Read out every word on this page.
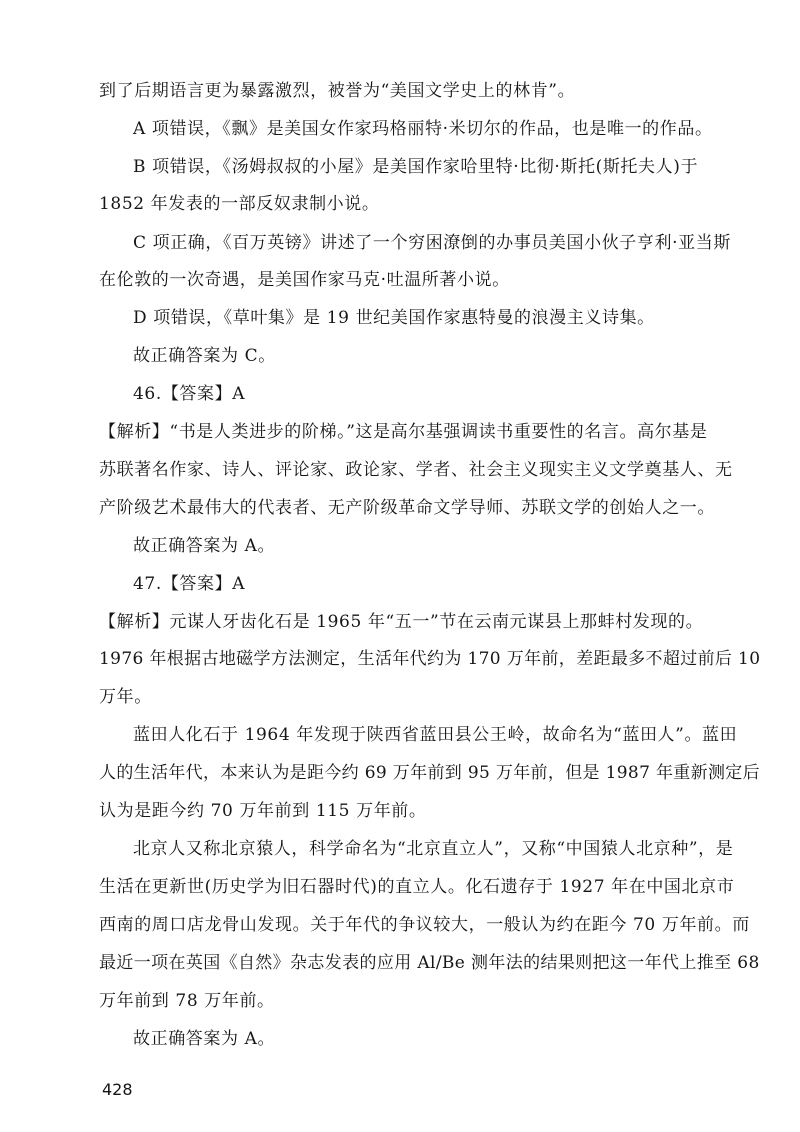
到了后期语言更为暴露激烈，被誉为“美国文学史上的林肯”。

A 项错误，《飘》是美国女作家玛格丽特·米切尔的作品，也是唯一的作品。

B 项错误，《汤姆叔叔的小屋》是美国作家哈里特·比彻·斯托(斯托夫人)于

1852 年发表的一部反奴隶制小说。

C 项正确，《百万英镑》讲述了一个穷困潦倒的办事员美国小伙子亨利·亚当斯

在伦敦的一次奇遇，是美国作家马克·吐温所著小说。

D 项错误，《草叶集》是 19 世纪美国作家惠特曼的浪漫主义诗集。

故正确答案为 C。

46.【答案】A

【解析】“书是人类进步的阶梯。”这是高尔基强调读书重要性的名言。高尔基是

苏联著名作家、诗人、评论家、政论家、学者、社会主义现实主义文学奠基人、无

产阶级艺术最伟大的代表者、无产阶级革命文学导师、苏联文学的创始人之一。

故正确答案为 A。

47.【答案】A

【解析】元谋人牙齿化石是 1965 年“五一”节在云南元谋县上那蚌村发现的。

1976 年根据古地磁学方法测定，生活年代约为 170 万年前，差距最多不超过前后 10

万年。

蓝田人化石于 1964 年发现于陕西省蓝田县公王岭，故命名为“蓝田人”。蓝田

人的生活年代，本来认为是距今约 69 万年前到 95 万年前，但是 1987 年重新测定后

认为是距今约 70 万年前到 115 万年前。

北京人又称北京猿人，科学命名为“北京直立人”，又称“中国猿人北京种”，是

生活在更新世(历史学为旧石器时代)的直立人。化石遗存于 1927 年在中国北京市

西南的周口店龙骨山发现。关于年代的争议较大，一般认为约在距今 70 万年前。而

最近一项在英国《自然》杂志发表的应用 Al/Be 测年法的结果则把这一年代上推至 68

万年前到 78 万年前。

故正确答案为 A。

428
